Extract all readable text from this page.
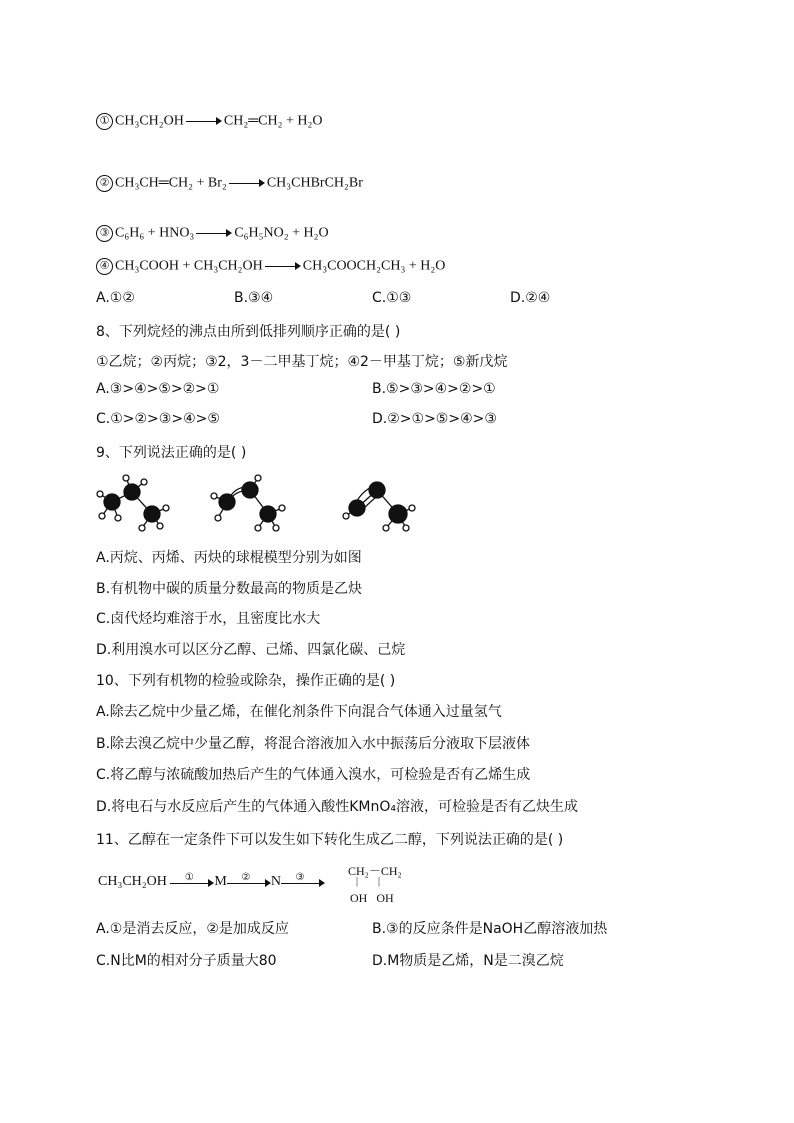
① CH₃CH₂OH	CH₂═CH₂ + H₂O
② CH₃CH═CH₂ + Br₂	CH₃CHBrCH₂Br
③ C₆H₆ + HNO₃	C₆H₅NO₂ + H₂O
④ CH₃COOH + CH₃CH₂OH	CH₃COOCH₂CH₃ + H₂O
A.①②	B.③④	C.①③	D.②④
8、下列烷烃的沸点由所到低排列顺序正确的是( )
①乙烷；②丙烷；③2，3－二甲基丁烷；④2－甲基丁烷；⑤新戊烷
A.③>④>⑤>②>①	B.⑤>③>④>②>①
C.①>②>③>④>⑤	D.②>①>⑤>④>③
9、下列说法正确的是( )
A.丙烷、丙烯、丙炔的球棍模型分别为如图
B.有机物中碳的质量分数最高的物质是乙炔
C.卤代烃均难溶于水，且密度比水大
D.利用溴水可以区分乙醇、己烯、四氯化碳、己烷
10、下列有机物的检验或除杂，操作正确的是( )
A.除去乙烷中少量乙烯，在催化剂条件下向混合气体通入过量氢气
B.除去溴乙烷中少量乙醇，将混合溶液加入水中振荡后分液取下层液体
C.将乙醇与浓硫酸加热后产生的气体通入溴水，可检验是否有乙烯生成
D.将电石与水反应后产生的气体通入酸性KMnO₄溶液，可检验是否有乙炔生成
11、乙醇在一定条件下可以发生如下转化生成乙二醇，下列说法正确的是( )
CH₃CH₂OH	①	M	②	N	③	CH₂－CH₂
|        |
OH   OH
A.①是消去反应，②是加成反应	B.③的反应条件是NaOH乙醇溶液加热
C.N比M的相对分子质量大80	D.M物质是乙烯，N是二溴乙烷
